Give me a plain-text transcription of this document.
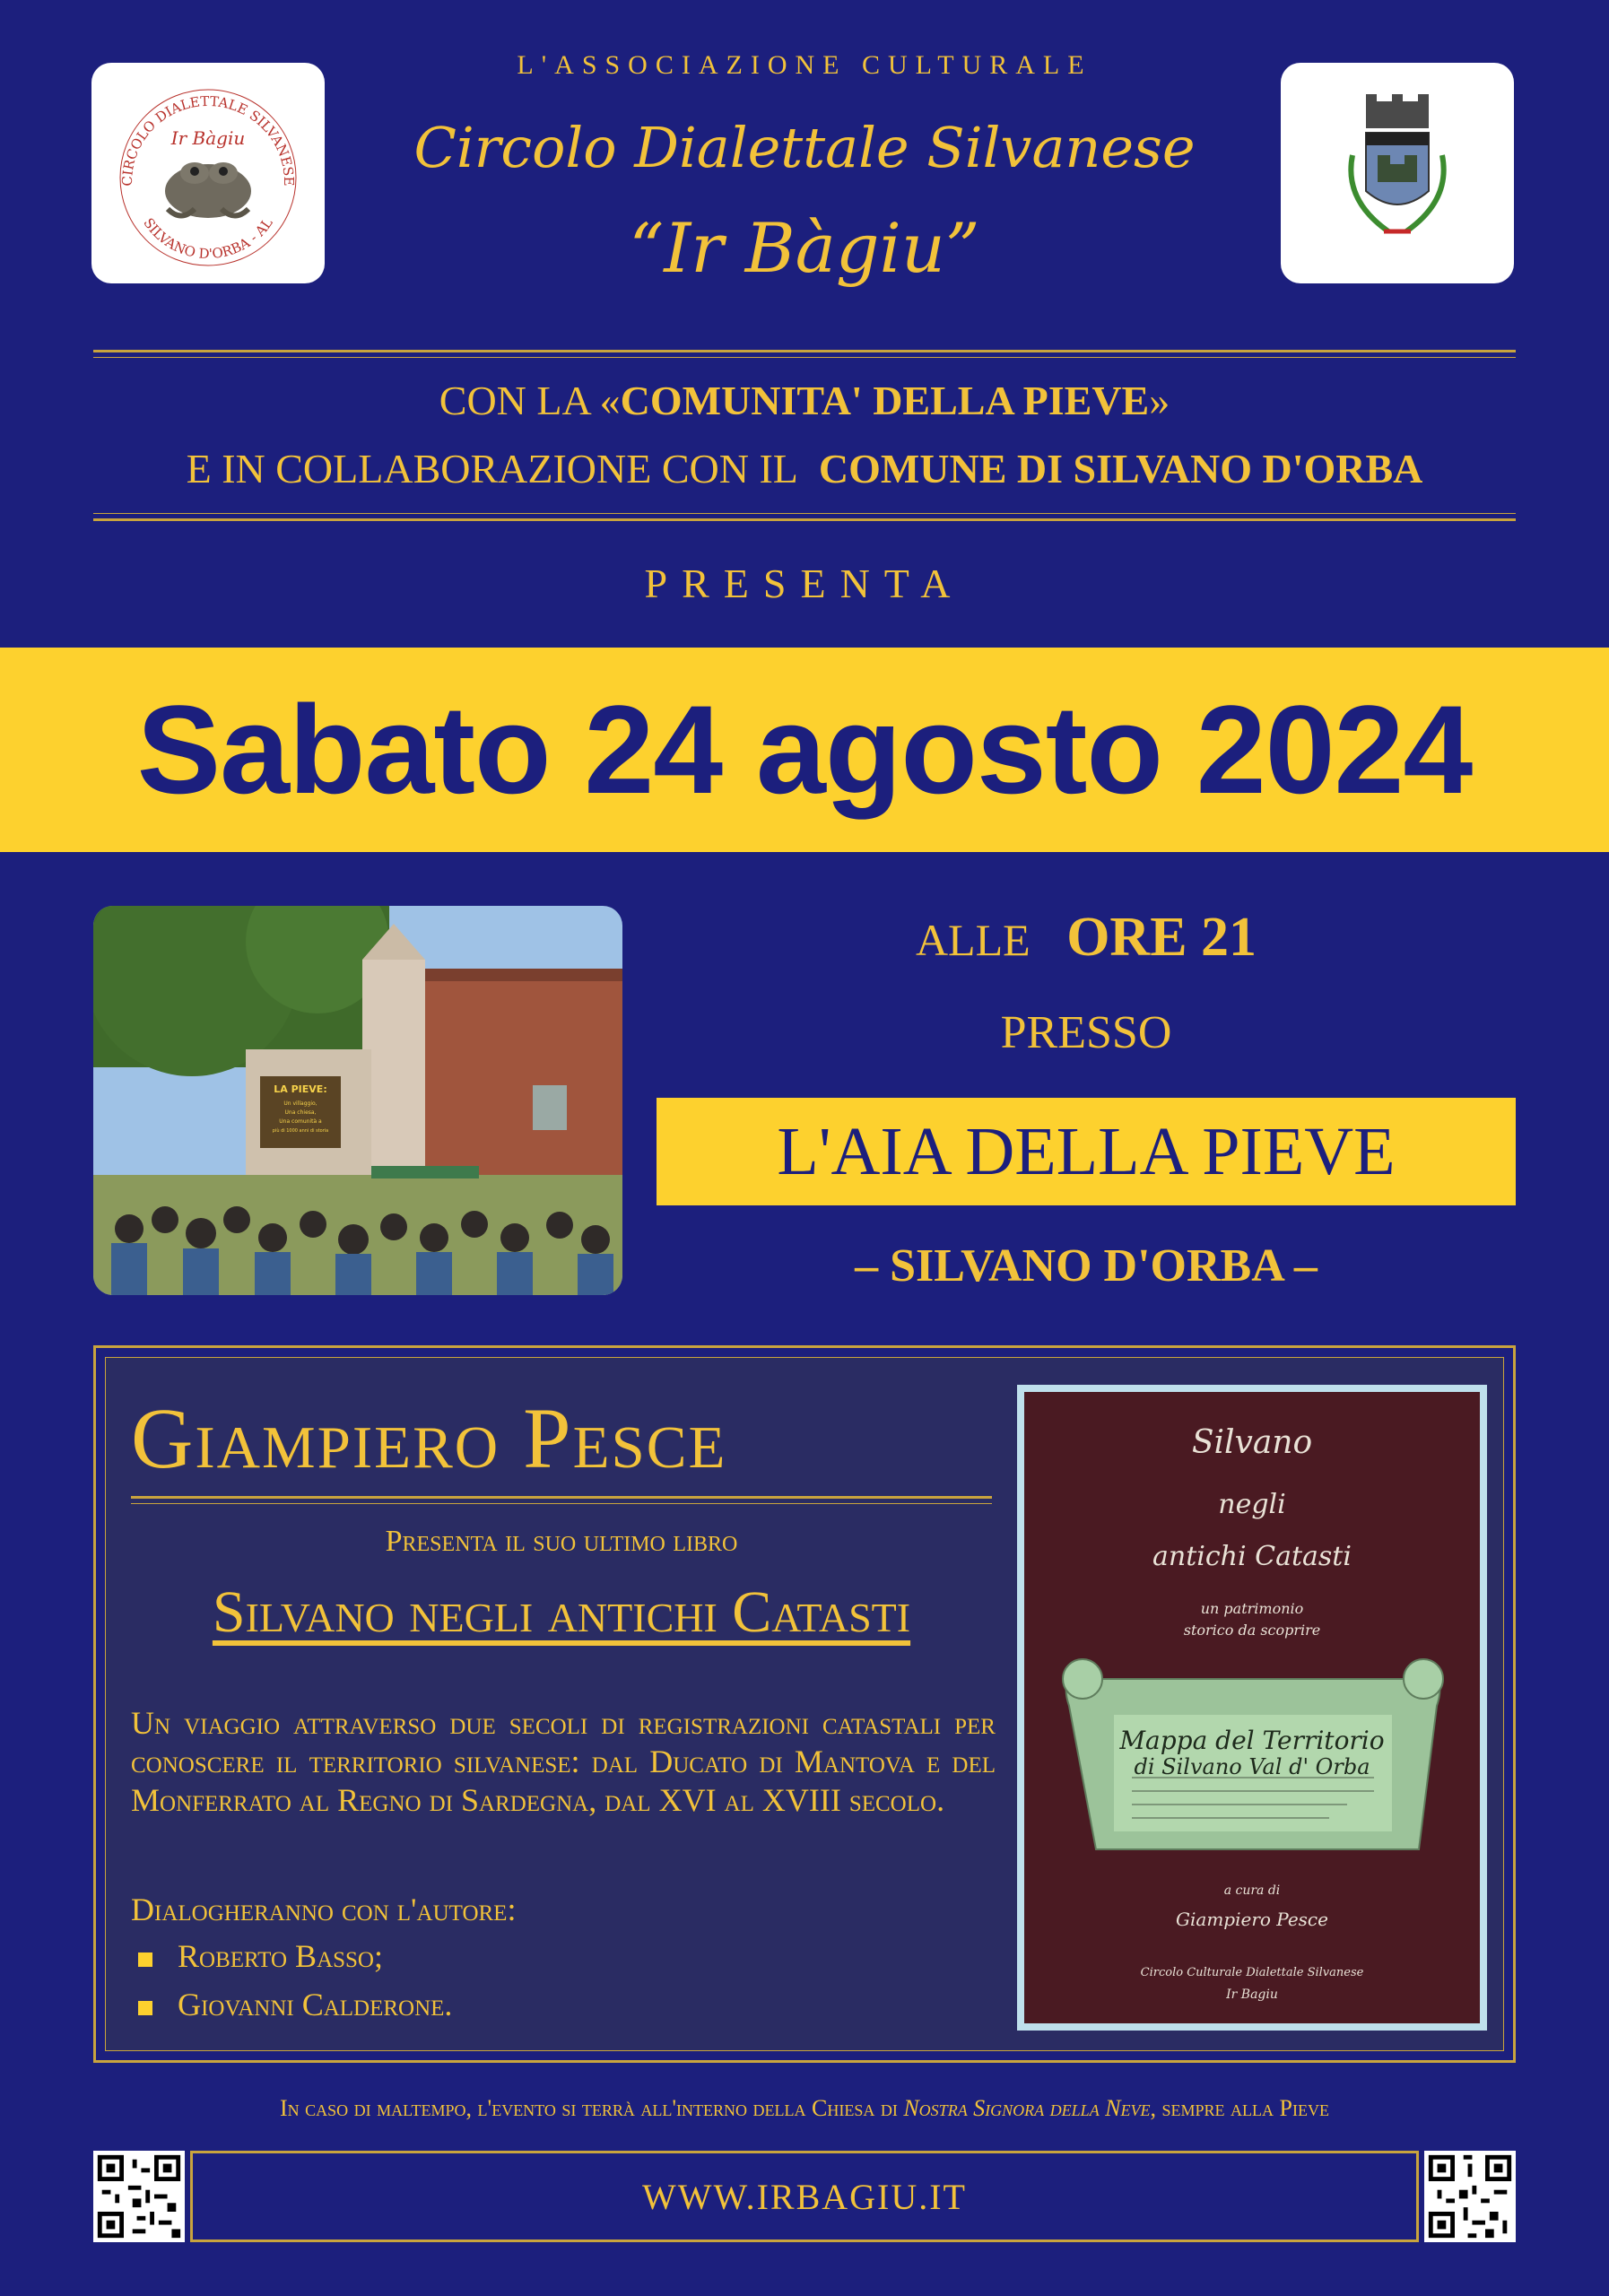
CIRCOLO DIALETTALE SILVANESE
SILVANO D'ORBA - AL
Ir Bàgiu
L'ASSOCIAZIONE CULTURALE
Circolo Dialettale Silvanese
“Ir Bàgiu”
CON LA «COMUNITA' DELLA PIEVE»
E IN COLLABORAZIONE CON IL COMUNE DI SILVANO D'ORBA
PRESENTA
Sabato 24 agosto 2024
LA PIEVE:
Un villaggio,
Una chiesa,
Una comunità a
più di 1000 anni di storia
ALLE ORE 21
PRESSO
L'AIA DELLA PIEVE
– SILVANO D'ORBA –
Giampiero Pesce
Presenta il suo ultimo libro
Silvano negli antichi Catasti
Un viaggio attraverso due secoli di registrazioni catastali per conoscere il territorio silvanese: dal Ducato di Mantova e del Monferrato al Regno di Sardegna, dal XVI al XVIII secolo.
Dialogheranno con l'autore:
Roberto Basso;
Giovanni Calderone.
Silvano
negli
antichi Catasti
un patrimonio
storico da scoprire
Mappa del Territorio
di Silvano Val d' Orba
a cura di
Giampiero Pesce
Circolo Culturale Dialettale Silvanese
Ir Bagiu
In caso di maltempo, l'evento si terrà all'interno della Chiesa di Nostra Signora della Neve, sempre alla Pieve
WWW.IRBAGIU.IT
